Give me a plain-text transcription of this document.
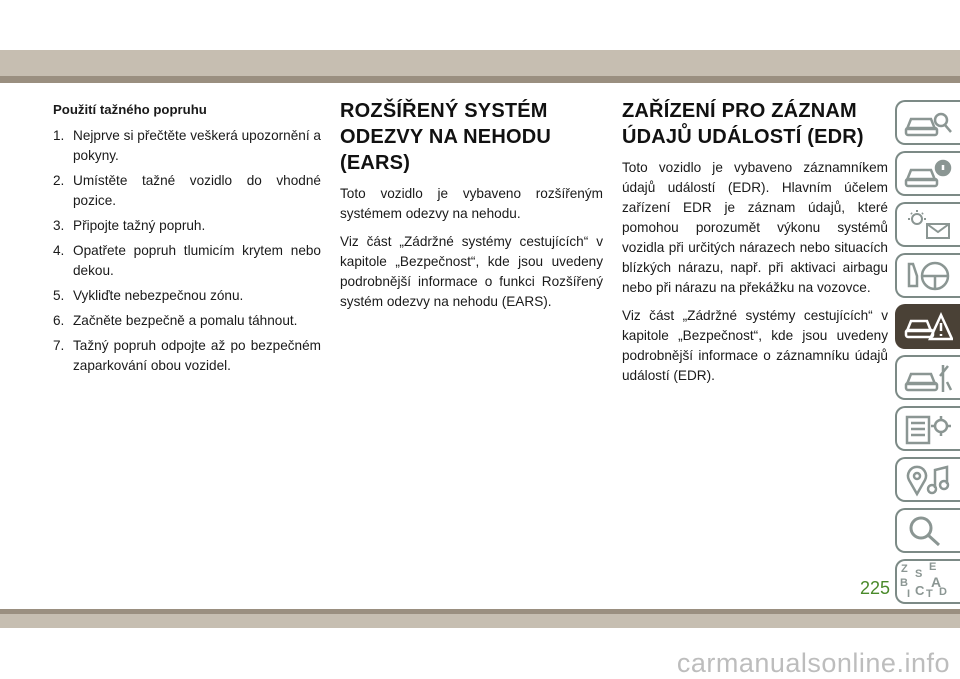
Použití tažného popruhu
1. Nejprve si přečtěte veškerá upozornění a pokyny.
2. Umístěte tažné vozidlo do vhodné pozice.
3. Připojte tažný popruh.
4. Opatřete popruh tlumicím krytem nebo dekou.
5. Vykliďte nebezpečnou zónu.
6. Začněte bezpečně a pomalu táhnout.
7. Tažný popruh odpojte až po bezpečném zaparkování obou vozidel.
ROZŠÍŘENÝ SYSTÉM ODEZVY NA NEHODU (EARS)

Toto vozidlo je vybaveno rozšířeným systémem odezvy na nehodu.

Viz část „Zádržné systémy cestujících“ v kapitole „Bezpečnost“, kde jsou uvedeny podrobnější informace o funkci Rozšířený systém odezvy na nehodu (EARS).

ZAŘÍZENÍ PRO ZÁZNAM ÚDAJŮ UDÁLOSTÍ (EDR)

Toto vozidlo je vybaveno záznamníkem údajů událostí (EDR). Hlavním účelem zařízení EDR je záznam údajů, které pomohou porozumět výkonu systémů vozidla při určitých nárazech nebo situacích blízkých nárazu, např. při aktivaci airbagu nebo při nárazu na překážku na vozovce.

Viz část „Zádržné systémy cestujících“ v kapitole „Bezpečnost“, kde jsou uvedeny podrobnější informace o záznamníku údajů událostí (EDR).

Z E
S
B A
D
I C T
225
carmanualsonline.info
